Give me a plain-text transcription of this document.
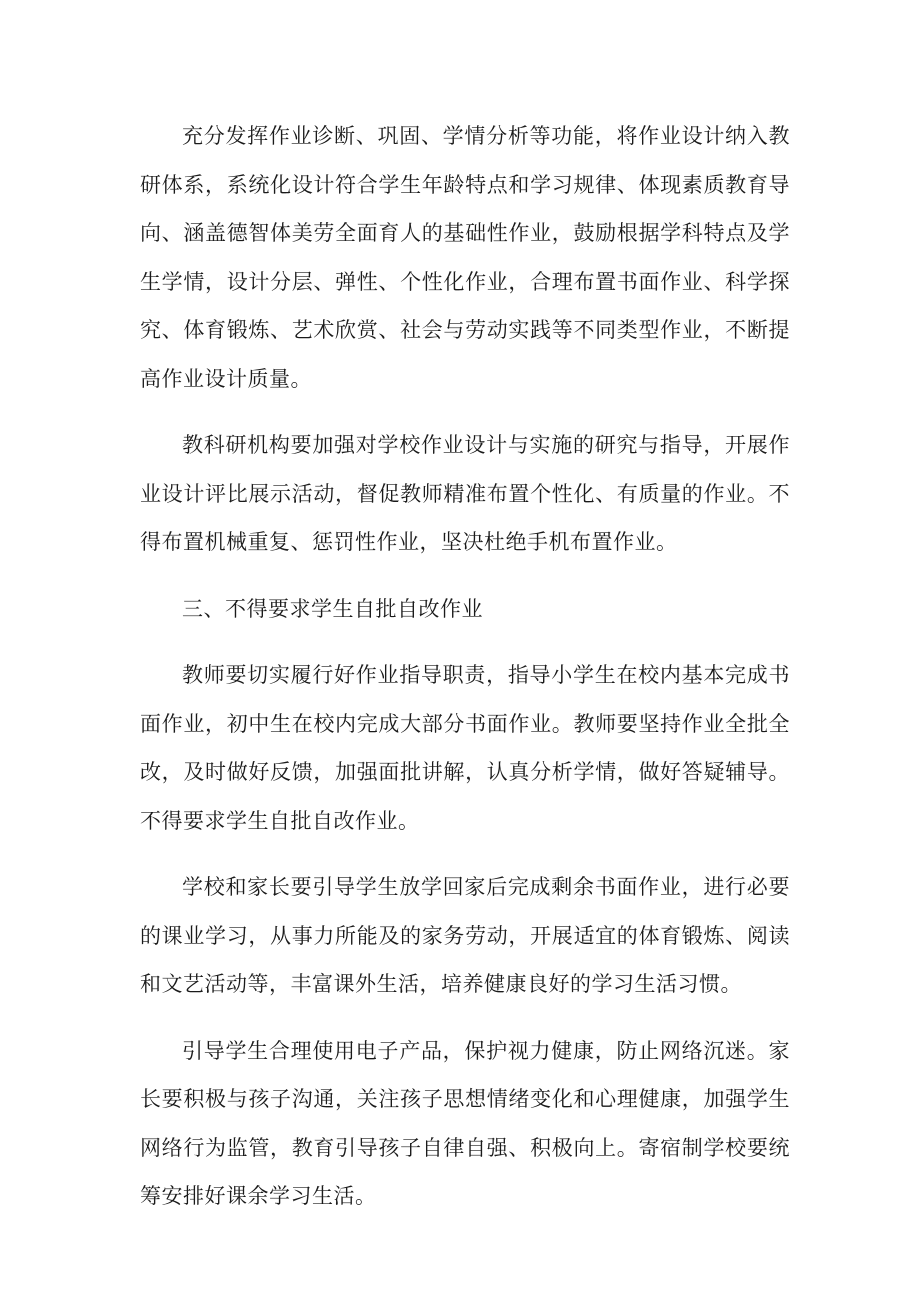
充分发挥作业诊断、巩固、学情分析等功能，将作业设计纳入教研体系，系统化设计符合学生年龄特点和学习规律、体现素质教育导向、涵盖德智体美劳全面育人的基础性作业，鼓励根据学科特点及学生学情，设计分层、弹性、个性化作业，合理布置书面作业、科学探究、体育锻炼、艺术欣赏、社会与劳动实践等不同类型作业，不断提高作业设计质量。

教科研机构要加强对学校作业设计与实施的研究与指导，开展作业设计评比展示活动，督促教师精准布置个性化、有质量的作业。不得布置机械重复、惩罚性作业，坚决杜绝手机布置作业。

三、不得要求学生自批自改作业

教师要切实履行好作业指导职责，指导小学生在校内基本完成书面作业，初中生在校内完成大部分书面作业。教师要坚持作业全批全改，及时做好反馈，加强面批讲解，认真分析学情，做好答疑辅导。不得要求学生自批自改作业。

学校和家长要引导学生放学回家后完成剩余书面作业，进行必要的课业学习，从事力所能及的家务劳动，开展适宜的体育锻炼、阅读和文艺活动等，丰富课外生活，培养健康良好的学习生活习惯。

引导学生合理使用电子产品，保护视力健康，防止网络沉迷。家长要积极与孩子沟通，关注孩子思想情绪变化和心理健康，加强学生网络行为监管，教育引导孩子自律自强、积极向上。寄宿制学校要统筹安排好课余学习生活。
